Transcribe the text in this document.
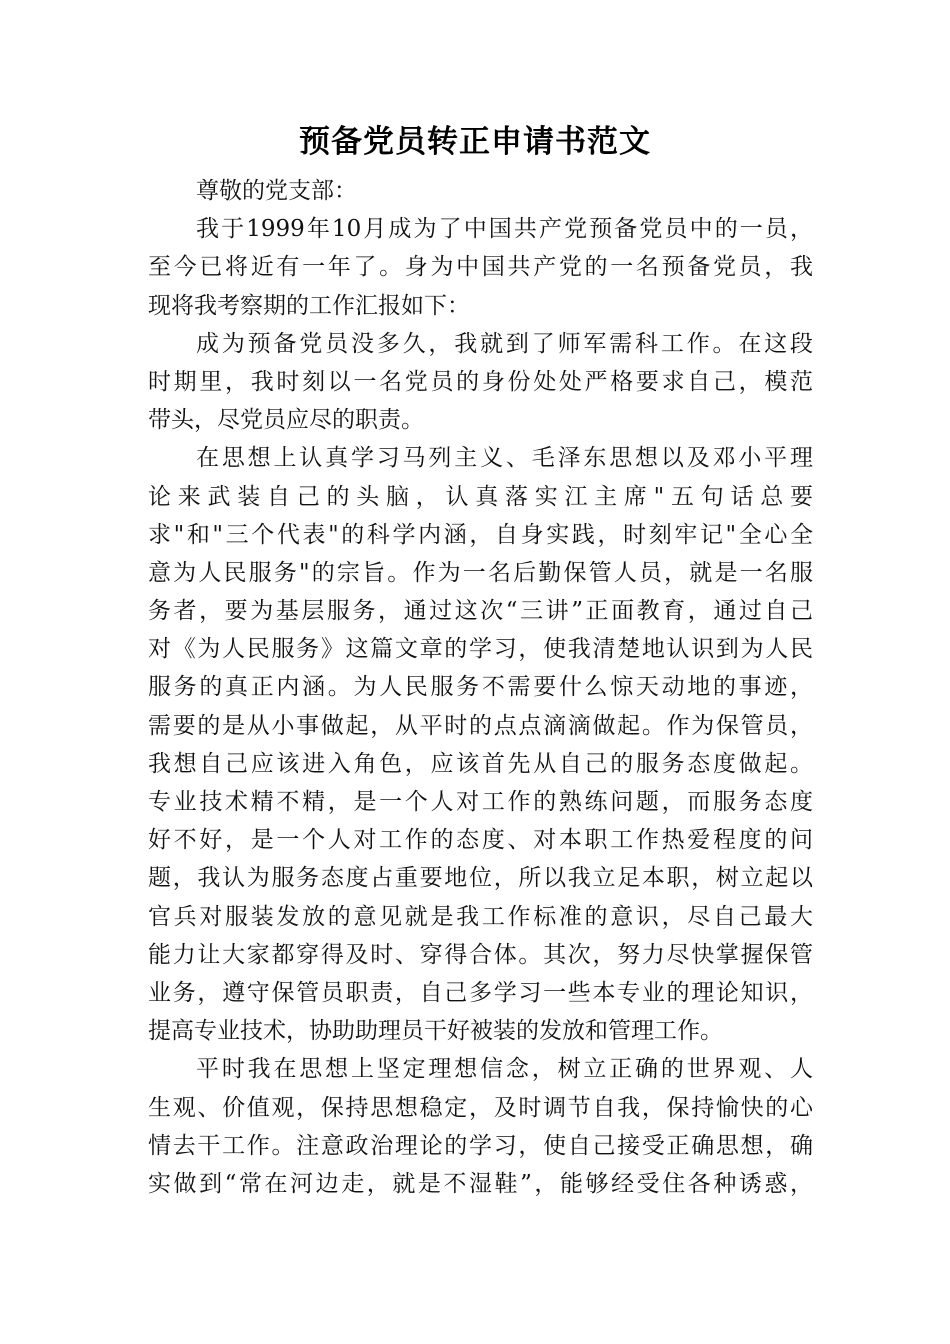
预备党员转正申请书范文
尊敬的党支部：
我于1999年10月成为了中国共产党预备党员中的一员，
至今已将近有一年了。身为中国共产党的一名预备党员，我
现将我考察期的工作汇报如下：
成为预备党员没多久，我就到了师军需科工作。在这段
时期里，我时刻以一名党员的身份处处严格要求自己，模范
带头，尽党员应尽的职责。
在思想上认真学习马列主义、毛泽东思想以及邓小平理
论来武装自己的头脑，认真落实江主席"五句话总要
求"和"三个代表"的科学内涵，自身实践，时刻牢记"全心全
意为人民服务"的宗旨。作为一名后勤保管人员，就是一名服
务者，要为基层服务，通过这次“三讲”正面教育，通过自己
对《为人民服务》这篇文章的学习，使我清楚地认识到为人民
服务的真正内涵。为人民服务不需要什么惊天动地的事迹，
需要的是从小事做起，从平时的点点滴滴做起。作为保管员，
我想自己应该进入角色，应该首先从自己的服务态度做起。
专业技术精不精，是一个人对工作的熟练问题，而服务态度
好不好，是一个人对工作的态度、对本职工作热爱程度的问
题，我认为服务态度占重要地位，所以我立足本职，树立起以
官兵对服装发放的意见就是我工作标准的意识，尽自己最大
能力让大家都穿得及时、穿得合体。其次，努力尽快掌握保管
业务，遵守保管员职责，自己多学习一些本专业的理论知识，
提高专业技术，协助助理员干好被装的发放和管理工作。
平时我在思想上坚定理想信念，树立正确的世界观、人
生观、价值观，保持思想稳定，及时调节自我，保持愉快的心
情去干工作。注意政治理论的学习，使自己接受正确思想，确
实做到“常在河边走，就是不湿鞋”，能够经受住各种诱惑，
